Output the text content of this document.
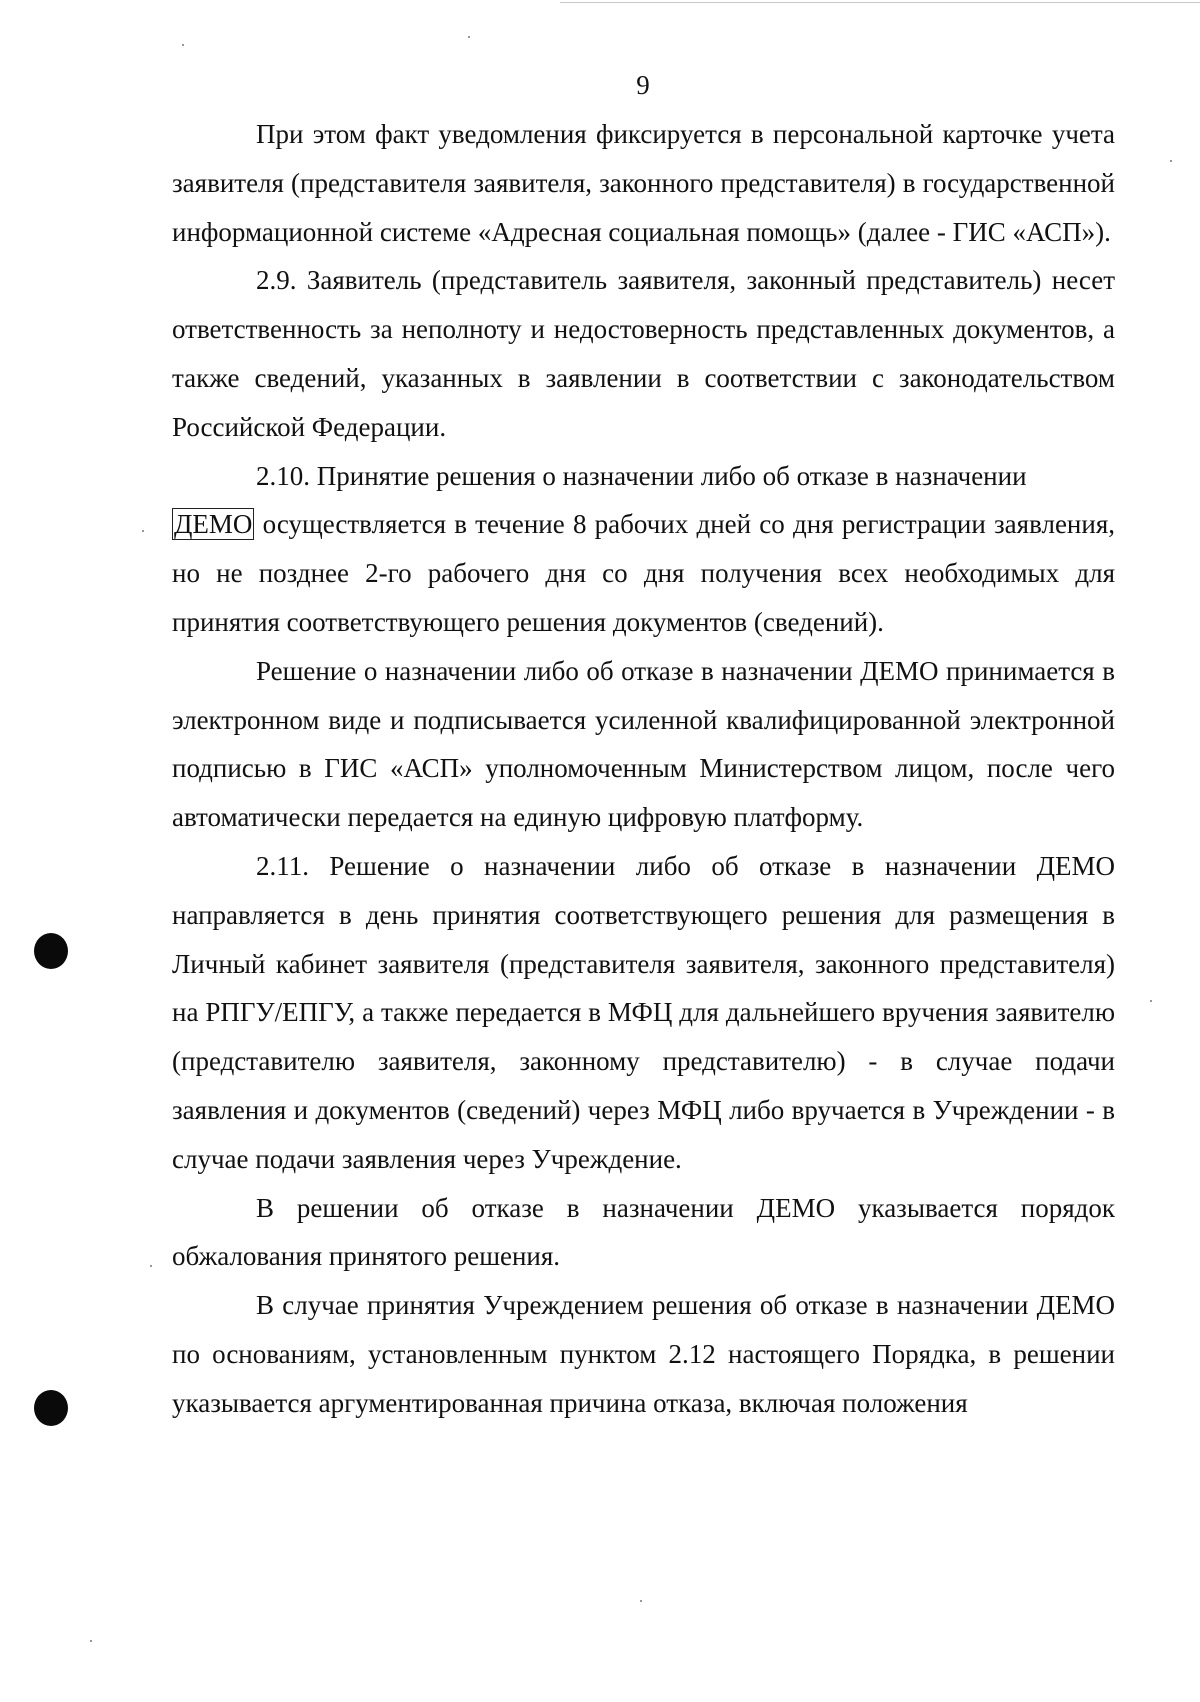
9

При этом факт уведомления фиксируется в персональной карточке учета заявителя (представителя заявителя, законного представителя) в государственной информационной системе «Адресная социальная помощь» (далее - ГИС «АСП»).

2.9. Заявитель (представитель заявителя, законный представитель) несет ответственность за неполноту и недостоверность представленных документов, а также сведений, указанных в заявлении в соответствии с законодательством Российской Федерации.

2.10. Принятие решения о назначении либо об отказе в назначении
ДЕМО осуществляется в течение 8 рабочих дней со дня регистрации заявления, но не позднее 2-го рабочего дня со дня получения всех необходимых для принятия соответствующего решения документов (сведений).

Решение о назначении либо об отказе в назначении ДЕМО принимается в электронном виде и подписывается усиленной квалифицированной электронной подписью в ГИС «АСП» уполномоченным Министерством лицом, после чего автоматически передается на единую цифровую платформу.

2.11. Решение о назначении либо об отказе в назначении ДЕМО направляется в день принятия соответствующего решения для размещения в Личный кабинет заявителя (представителя заявителя, законного представителя) на РПГУ/ЕПГУ, а также передается в МФЦ для дальнейшего вручения заявителю (представителю заявителя, законному представителю) - в случае подачи заявления и документов (сведений) через МФЦ либо вручается в Учреждении - в случае подачи заявления через Учреждение.

В решении об отказе в назначении ДЕМО указывается порядок обжалования принятого решения.

В случае принятия Учреждением решения об отказе в назначении ДЕМО по основаниям, установленным пунктом 2.12 настоящего Порядка, в решении указывается аргументированная причина отказа, включая положения
